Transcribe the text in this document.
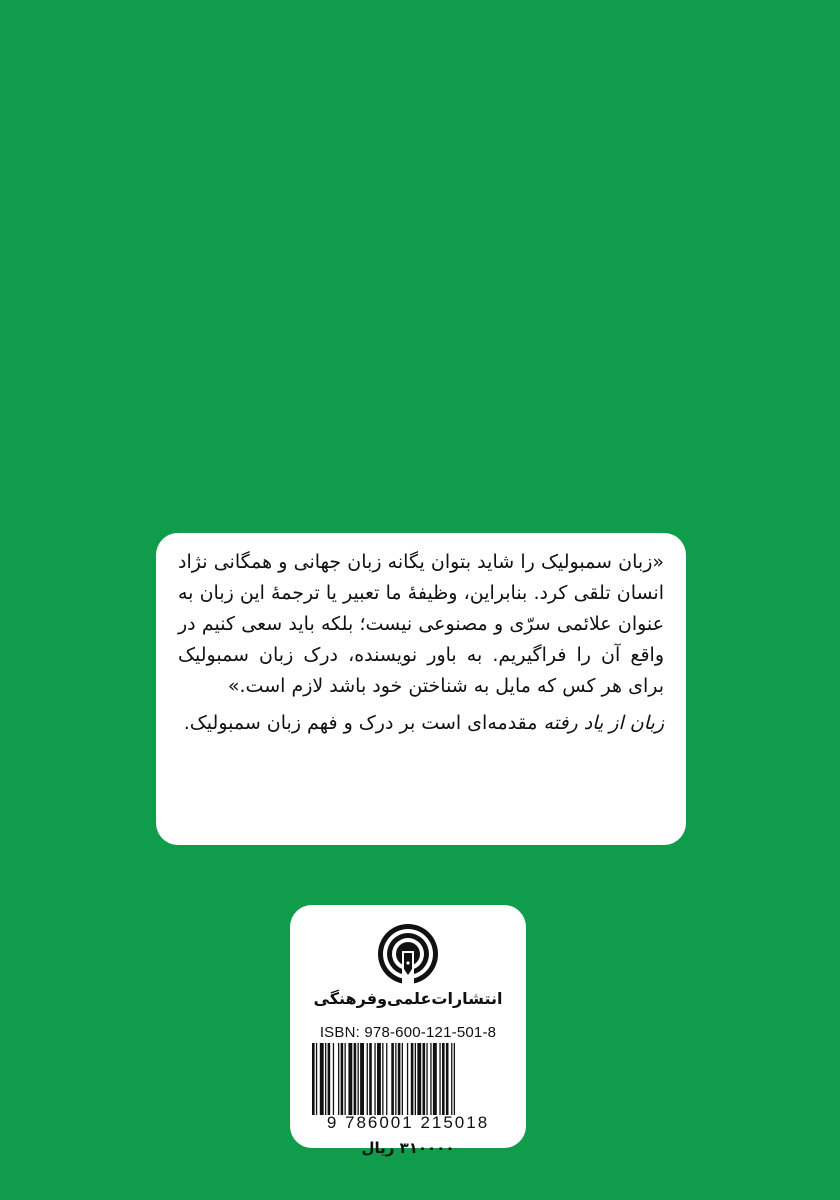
«زبان سمبولیک را شاید بتوان یگانه زبان جهانی و همگانی نژاد انسان تلقی کرد. بنابراین، وظیفهٔ ما تعبیر یا ترجمهٔ این زبان به عنوان علائمی سرّی و مصنوعی نیست؛ بلکه باید سعی کنیم در واقع آن را فراگیریم. به باور نویسنده، درک زبان سمبولیک برای هر کس که مایل به شناختن خود باشد لازم است.»

زبان از یاد رفته مقدمه‌ای است بر درک و فهم زبان سمبولیک.

انتشارات‌علمی‌وفرهنگی
ISBN: 978-600-121-501-8
9 786001 215018
۳۱۰۰۰۰ ریال
